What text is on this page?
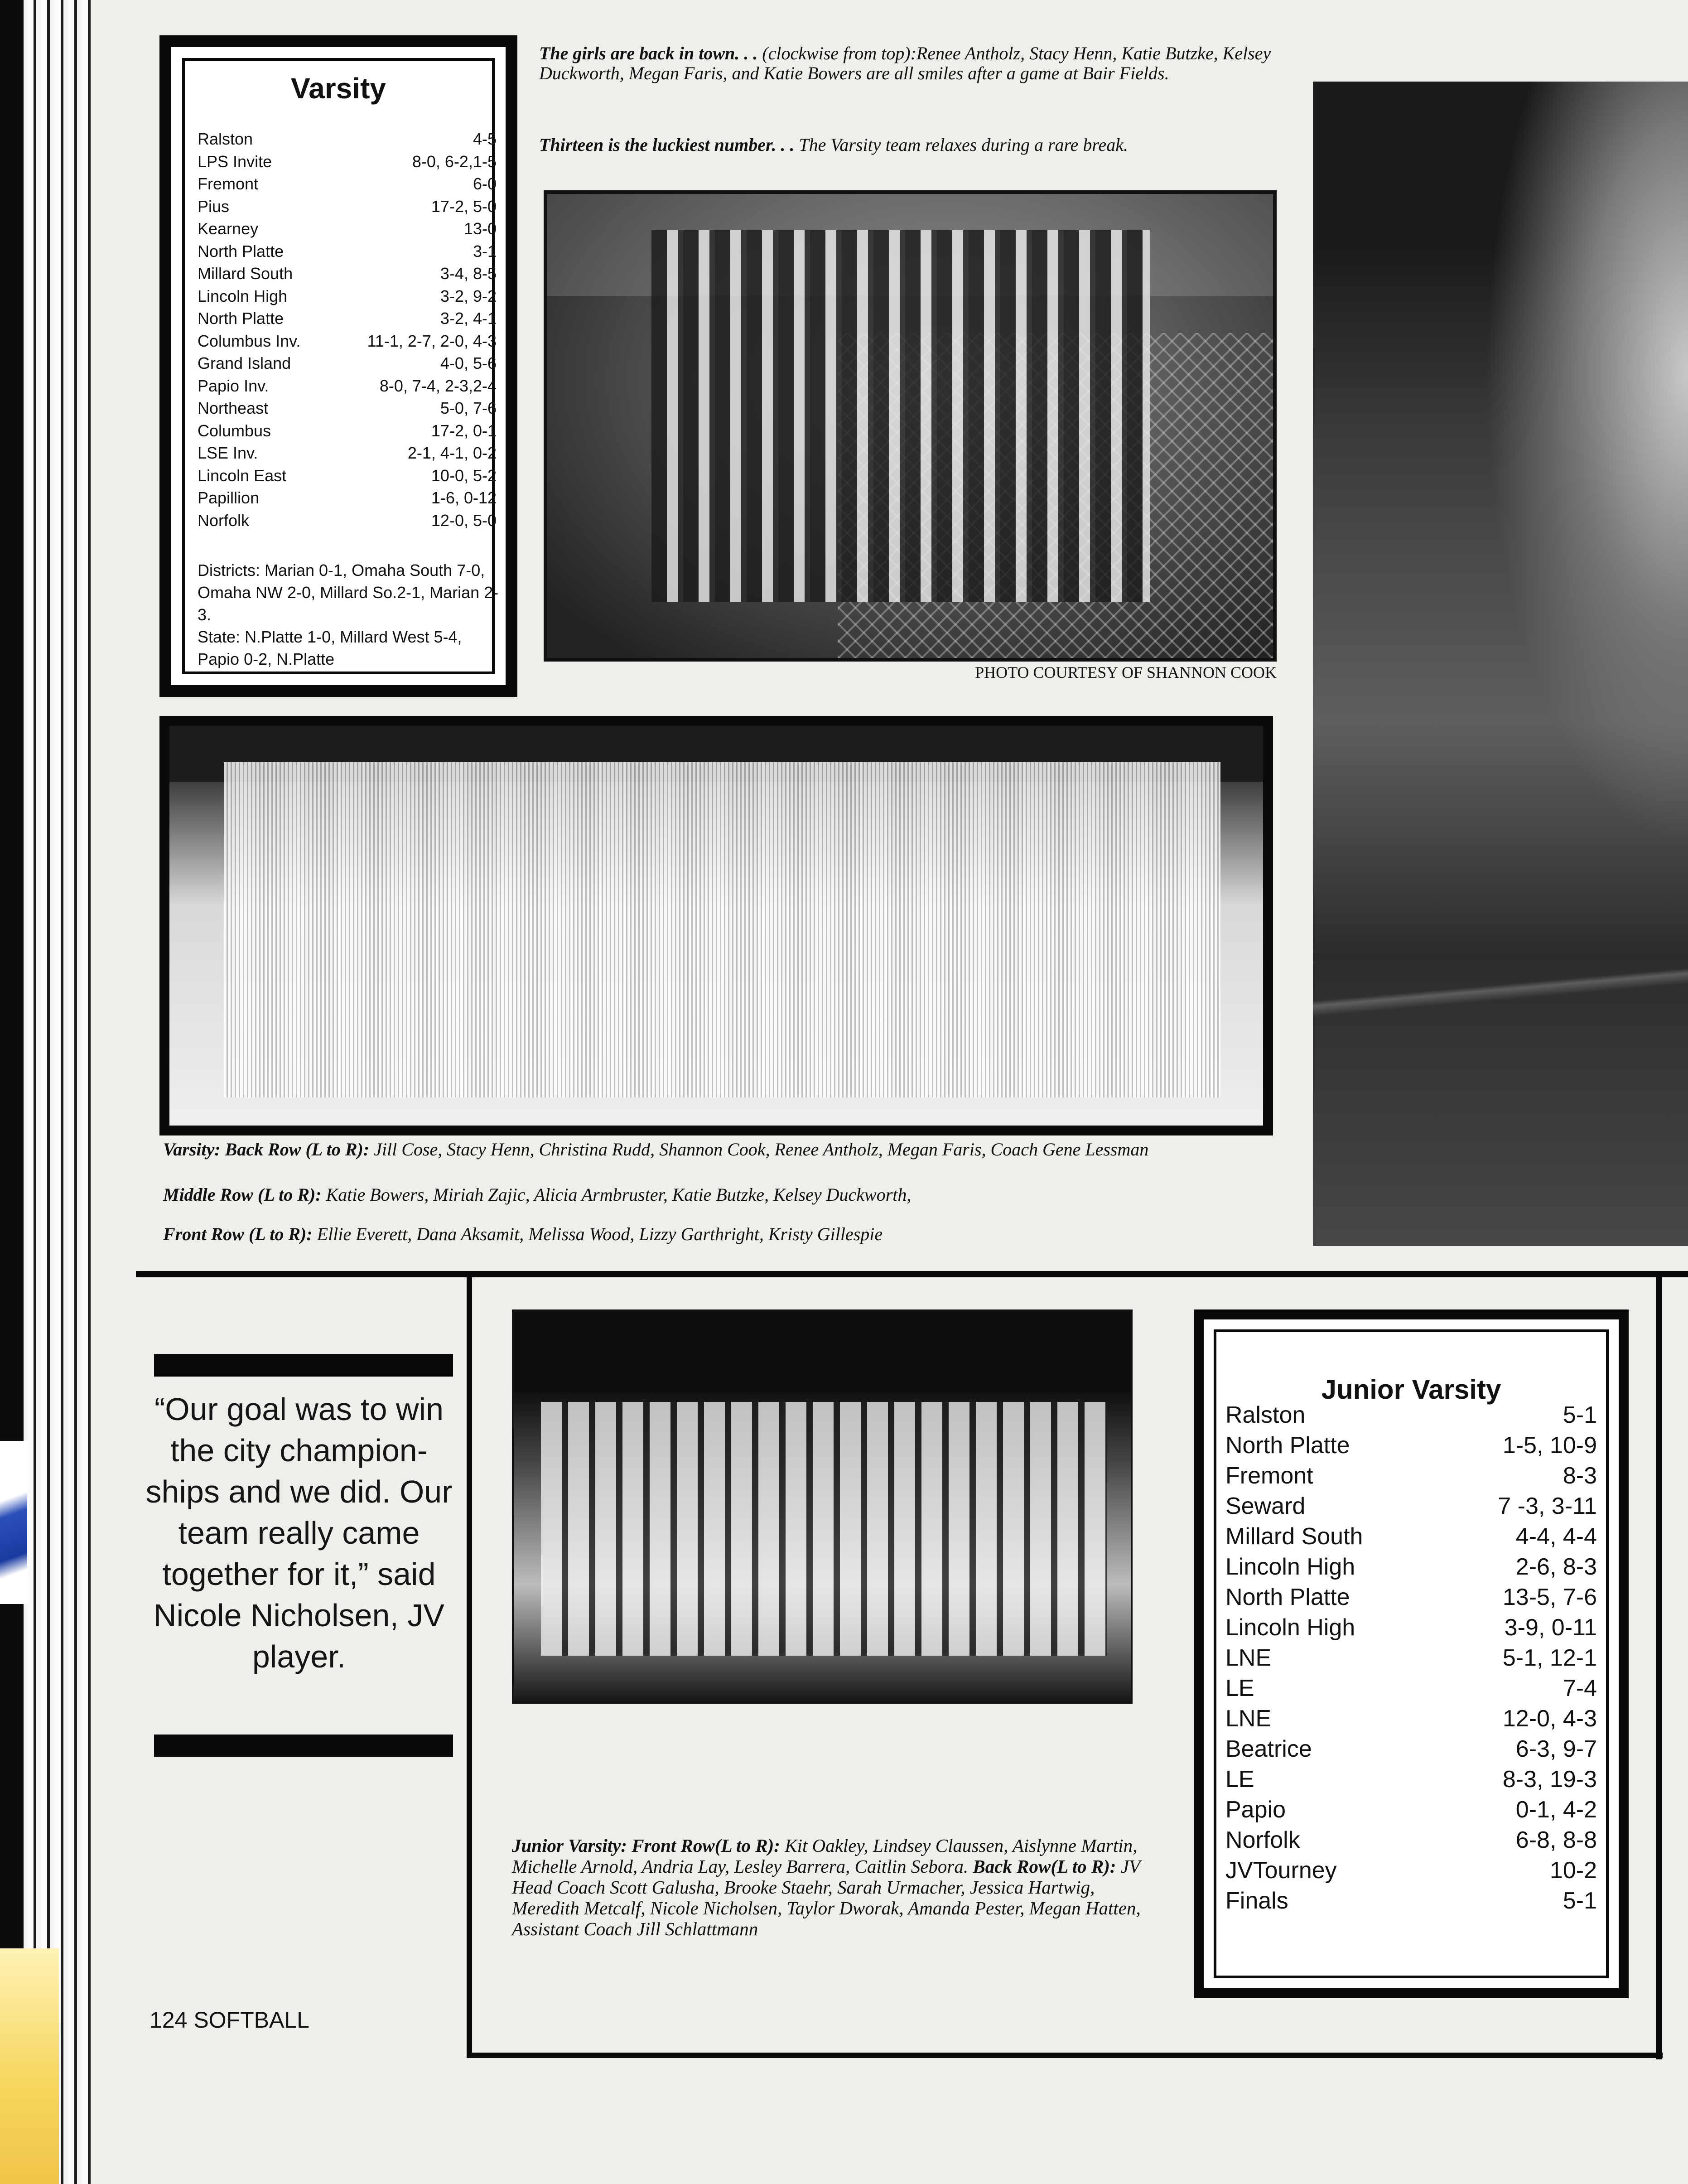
Varsity
Ralston	4-5
LPS Invite	8-0, 6-2,1-5
Fremont	6-0
Pius	17-2, 5-0
Kearney	13-0
North Platte	3-1
Millard South	3-4, 8-5
Lincoln High	3-2, 9-2
North Platte	3-2, 4-1
Columbus Inv.	11-1, 2-7, 2-0, 4-3
Grand Island	4-0, 5-6
Papio Inv.	8-0, 7-4, 2-3,2-4
Northeast	5-0, 7-6
Columbus	17-2, 0-1
LSE Inv.	2-1, 4-1, 0-2
Lincoln East	10-0, 5-2
Papillion	1-6, 0-12
Norfolk	12-0, 5-0
Districts: Marian 0-1, Omaha South 7-0, Omaha NW 2-0, Millard So.2-1, Marian 2-3.
State: N.Platte 1-0, Millard West 5-4, Papio 0-2, N.Platte
The girls are back in town. . . (clockwise from top):Renee Antholz, Stacy Henn, Katie Butzke, Kelsey Duckworth, Megan Faris, and Katie Bowers are all smiles after a game at Bair Fields.
Thirteen is the luckiest number. . . The Varsity team relaxes during a rare break.
PHOTO COURTESY OF SHANNON COOK
Varsity: Back Row (L to R): Jill Cose, Stacy Henn, Christina Rudd, Shannon Cook, Renee Antholz, Megan Faris, Coach Gene Lessman
Middle Row (L to R): Katie Bowers, Miriah Zajic, Alicia Armbruster, Katie Butzke, Kelsey Duckworth,
Front Row (L to R): Ellie Everett, Dana Aksamit, Melissa Wood, Lizzy Garthright, Kristy Gillespie
Junior Varsity: Front Row(L to R): Kit Oakley, Lindsey Claussen, Aislynne Martin, Michelle Arnold, Andria Lay, Lesley Barrera, Caitlin Sebora. Back Row(L to R): JV Head Coach Scott Galusha, Brooke Staehr, Sarah Urmacher, Jessica Hartwig, Meredith Metcalf, Nicole Nicholsen, Taylor Dworak, Amanda Pester, Megan Hatten, Assistant Coach Jill Schlattmann
“Our goal was to win the city champion-ships and we did. Our team really came together for it,” said Nicole Nicholsen, JV player.
Junior Varsity
Ralston	5-1
North Platte	1-5, 10-9
Fremont	8-3
Seward	7 -3, 3-11
Millard South	4-4, 4-4
Lincoln High	2-6, 8-3
North Platte	13-5, 7-6
Lincoln High	3-9, 0-11
LNE	5-1, 12-1
LE	7-4
LNE	12-0, 4-3
Beatrice	6-3, 9-7
LE	8-3, 19-3
Papio	0-1, 4-2
Norfolk	6-8, 8-8
JVTourney	10-2
Finals	5-1
124 SOFTBALL
